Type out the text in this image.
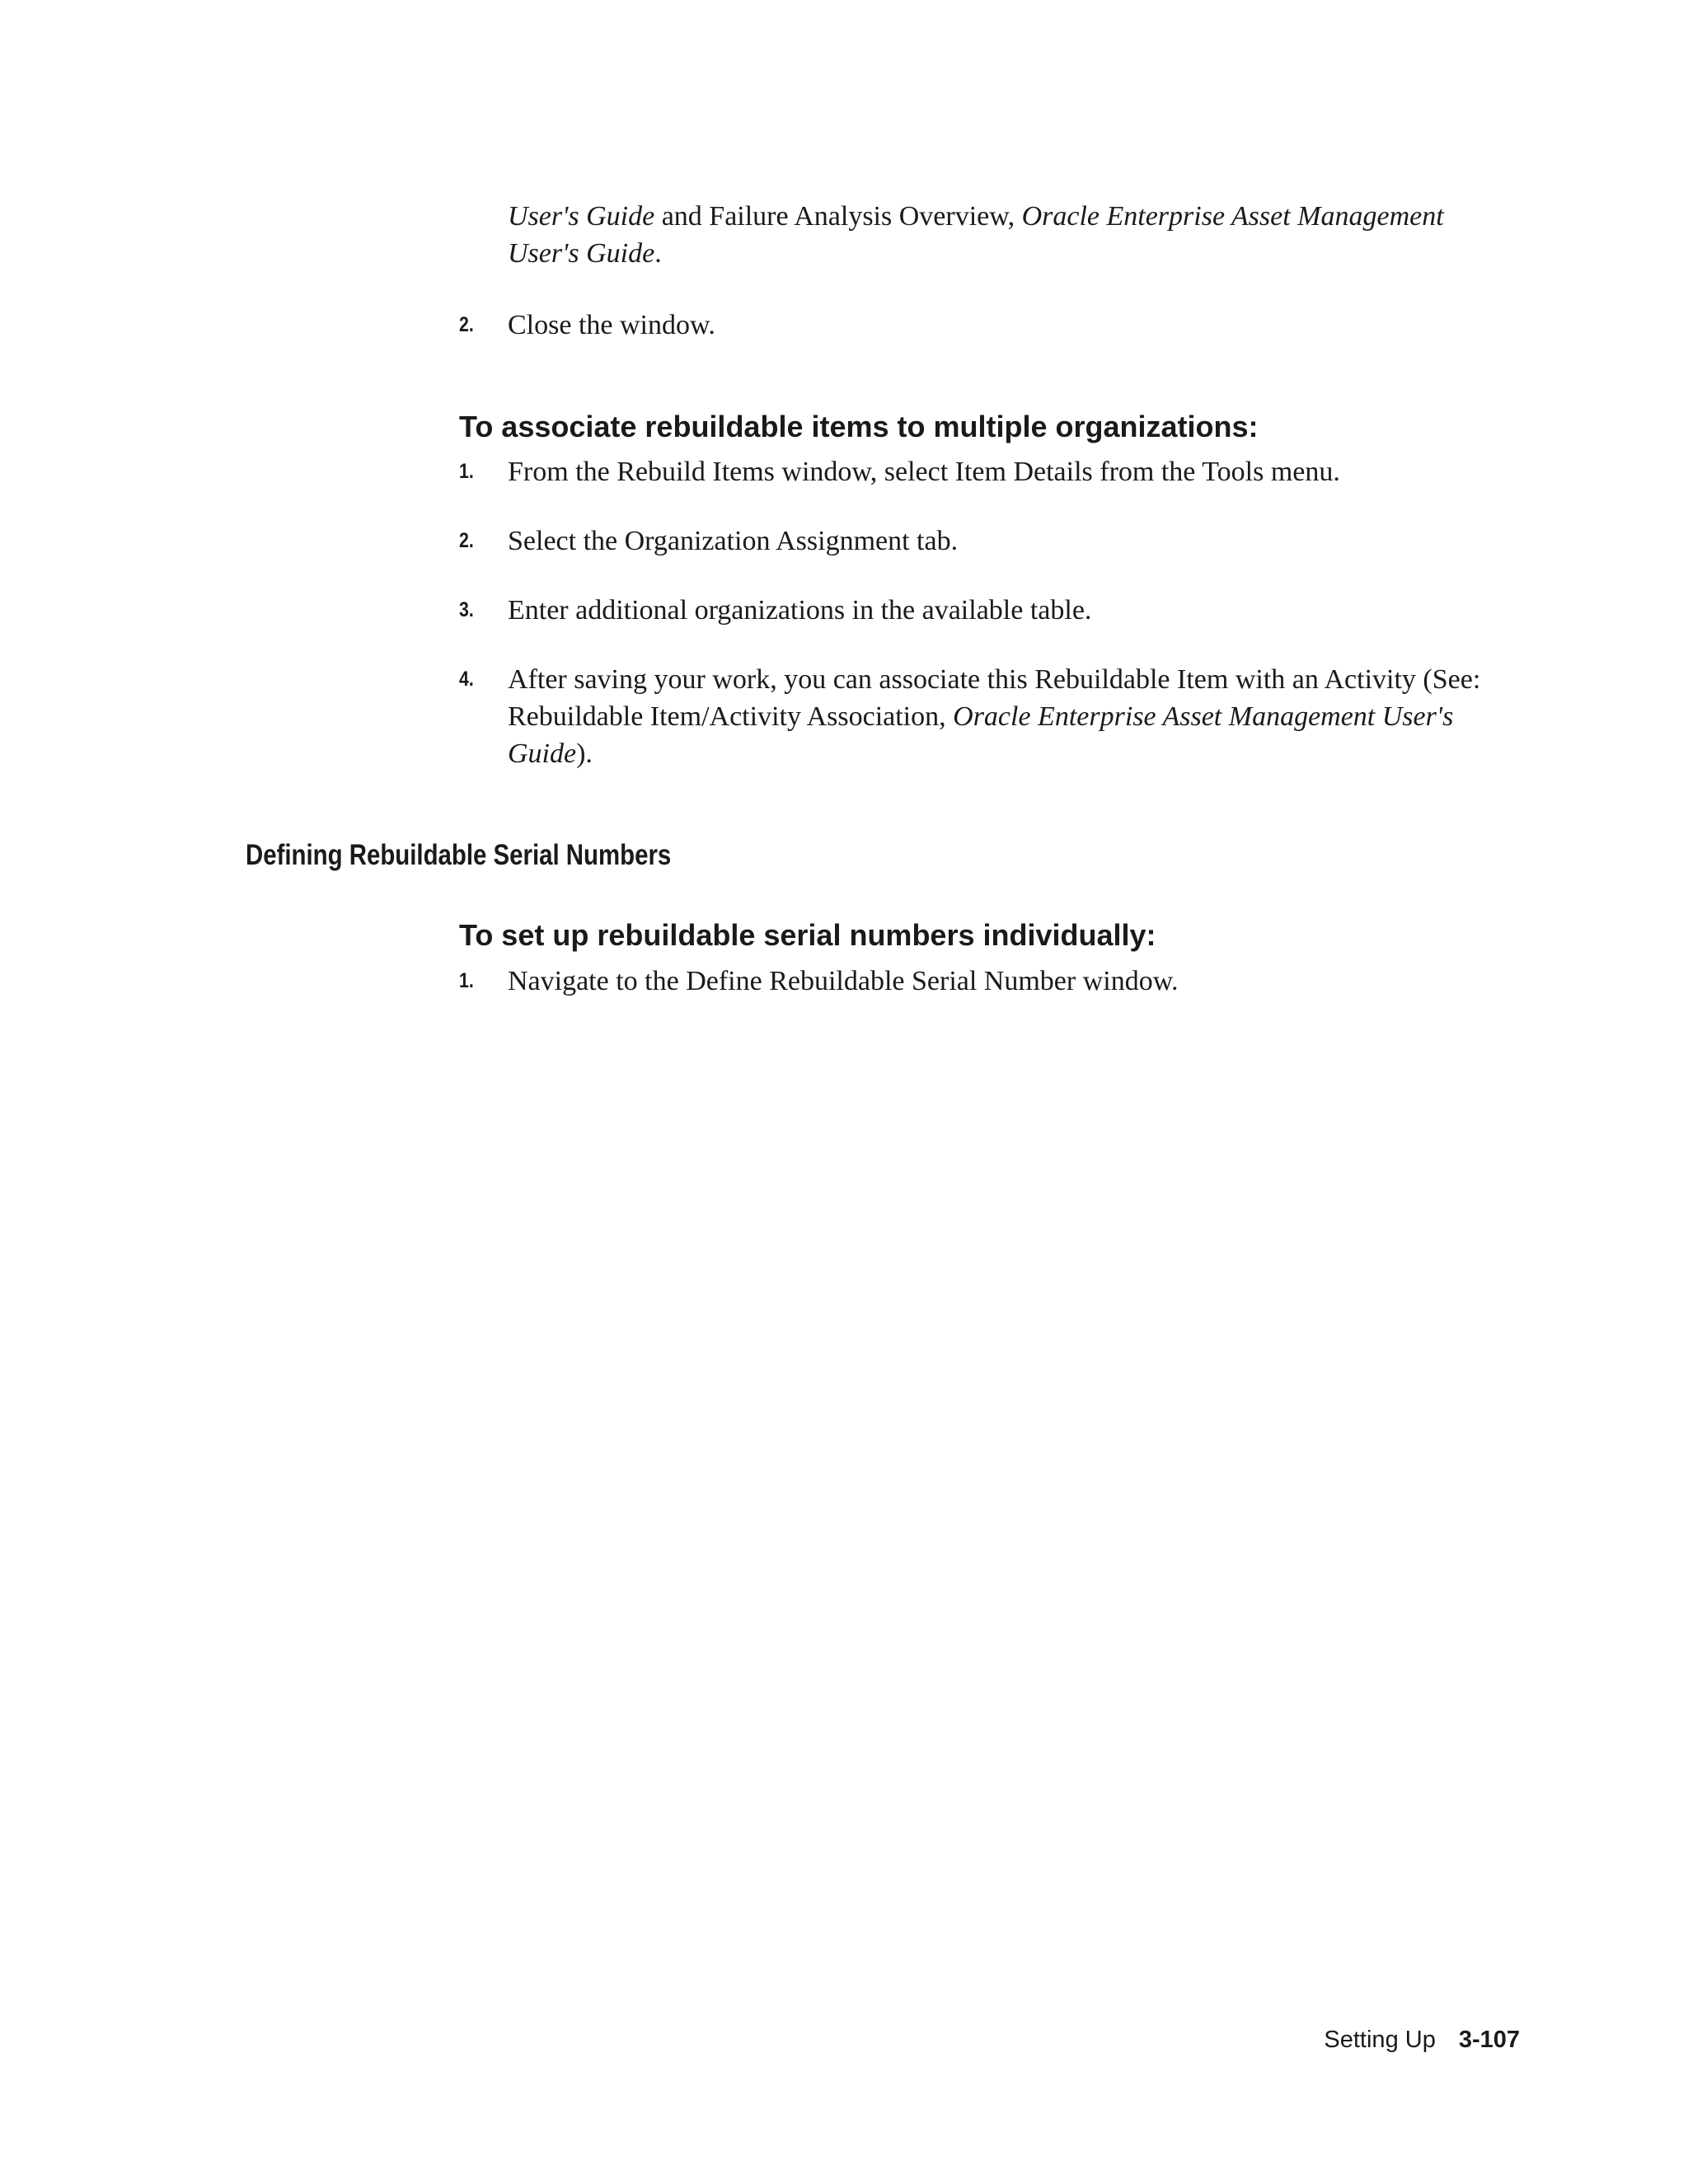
User's Guide and Failure Analysis Overview, Oracle Enterprise Asset Management User's Guide.
2. Close the window.
To associate rebuildable items to multiple organizations:
1. From the Rebuild Items window, select Item Details from the Tools menu.
2. Select the Organization Assignment tab.
3. Enter additional organizations in the available table.
4. After saving your work, you can associate this Rebuildable Item with an Activity (See: Rebuildable Item/Activity Association, Oracle Enterprise Asset Management User's Guide).
Defining Rebuildable Serial Numbers
To set up rebuildable serial numbers individually:
1. Navigate to the Define Rebuildable Serial Number window.
Setting Up 3-107
